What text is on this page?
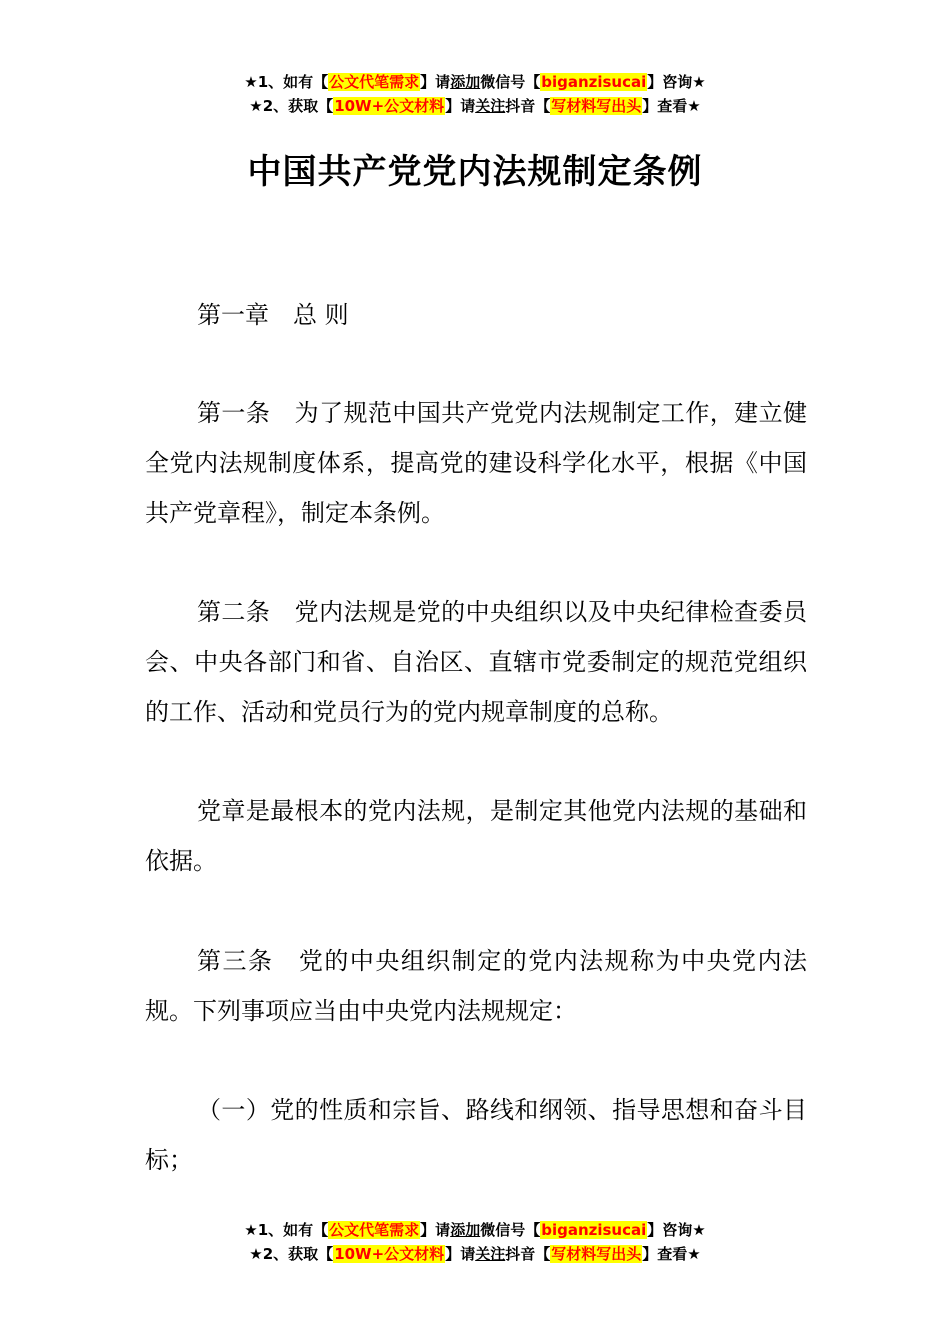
★1、如有【公文代笔需求】请添加微信号【biganzisucai】咨询★
★2、获取【10W+公文材料】请关注抖音【写材料写出头】查看★
中国共产党党内法规制定条例

第一章　总 则

第一条　为了规范中国共产党党内法规制定工作，建立健全党内法规制度体系，提高党的建设科学化水平，根据《中国共产党章程》，制定本条例。

第二条　党内法规是党的中央组织以及中央纪律检查委员会、中央各部门和省、自治区、直辖市党委制定的规范党组织的工作、活动和党员行为的党内规章制度的总称。

党章是最根本的党内法规，是制定其他党内法规的基础和依据。

第三条　党的中央组织制定的党内法规称为中央党内法规。下列事项应当由中央党内法规规定：

（一）党的性质和宗旨、路线和纲领、指导思想和奋斗目标；

★1、如有【公文代笔需求】请添加微信号【biganzisucai】咨询★
★2、获取【10W+公文材料】请关注抖音【写材料写出头】查看★
